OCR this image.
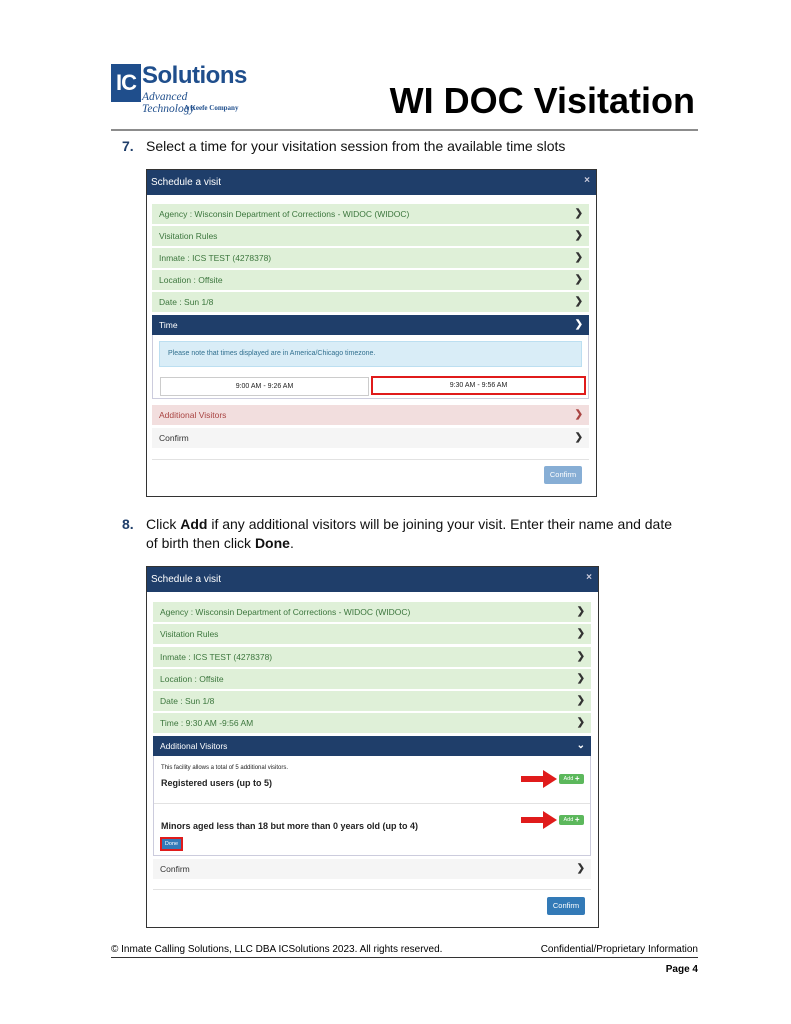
IC Solutions
Advanced Technology
A Keefe Company	WI DOC Visitation
7. Select a time for your visitation session from the available time slots
Schedule a visit	×
Agency : Wisconsin Department of Corrections - WIDOC (WIDOC)	❯
Visitation Rules	❯
Inmate : ICS TEST (4278378)	❯
Location : Offsite	❯
Date : Sun 1/8	❯
Time	❯
Please note that times displayed are in America/Chicago timezone.
9:00 AM - 9:26 AM	9:30 AM - 9:56 AM
Additional Visitors	❯
Confirm	❯
Confirm
8. Click Add if any additional visitors will be joining your visit. Enter their name and date
of birth then click Done.
Schedule a visit	×
Agency : Wisconsin Department of Corrections - WIDOC (WIDOC)	❯
Visitation Rules	❯
Inmate : ICS TEST (4278378)	❯
Location : Offsite	❯
Date : Sun 1/8	❯
Time : 9:30 AM -9:56 AM	❯
Additional Visitors	⌄
This facility allows a total of 5 additional visitors.
Registered users (up to 5)	Add +
Minors aged less than 18 but more than 0 years old (up to 4)
Add +
Done
Confirm	❯
Confirm
© Inmate Calling Solutions, LLC DBA ICSolutions 2023. All rights reserved.	Confidential/Proprietary Information
Page 4
